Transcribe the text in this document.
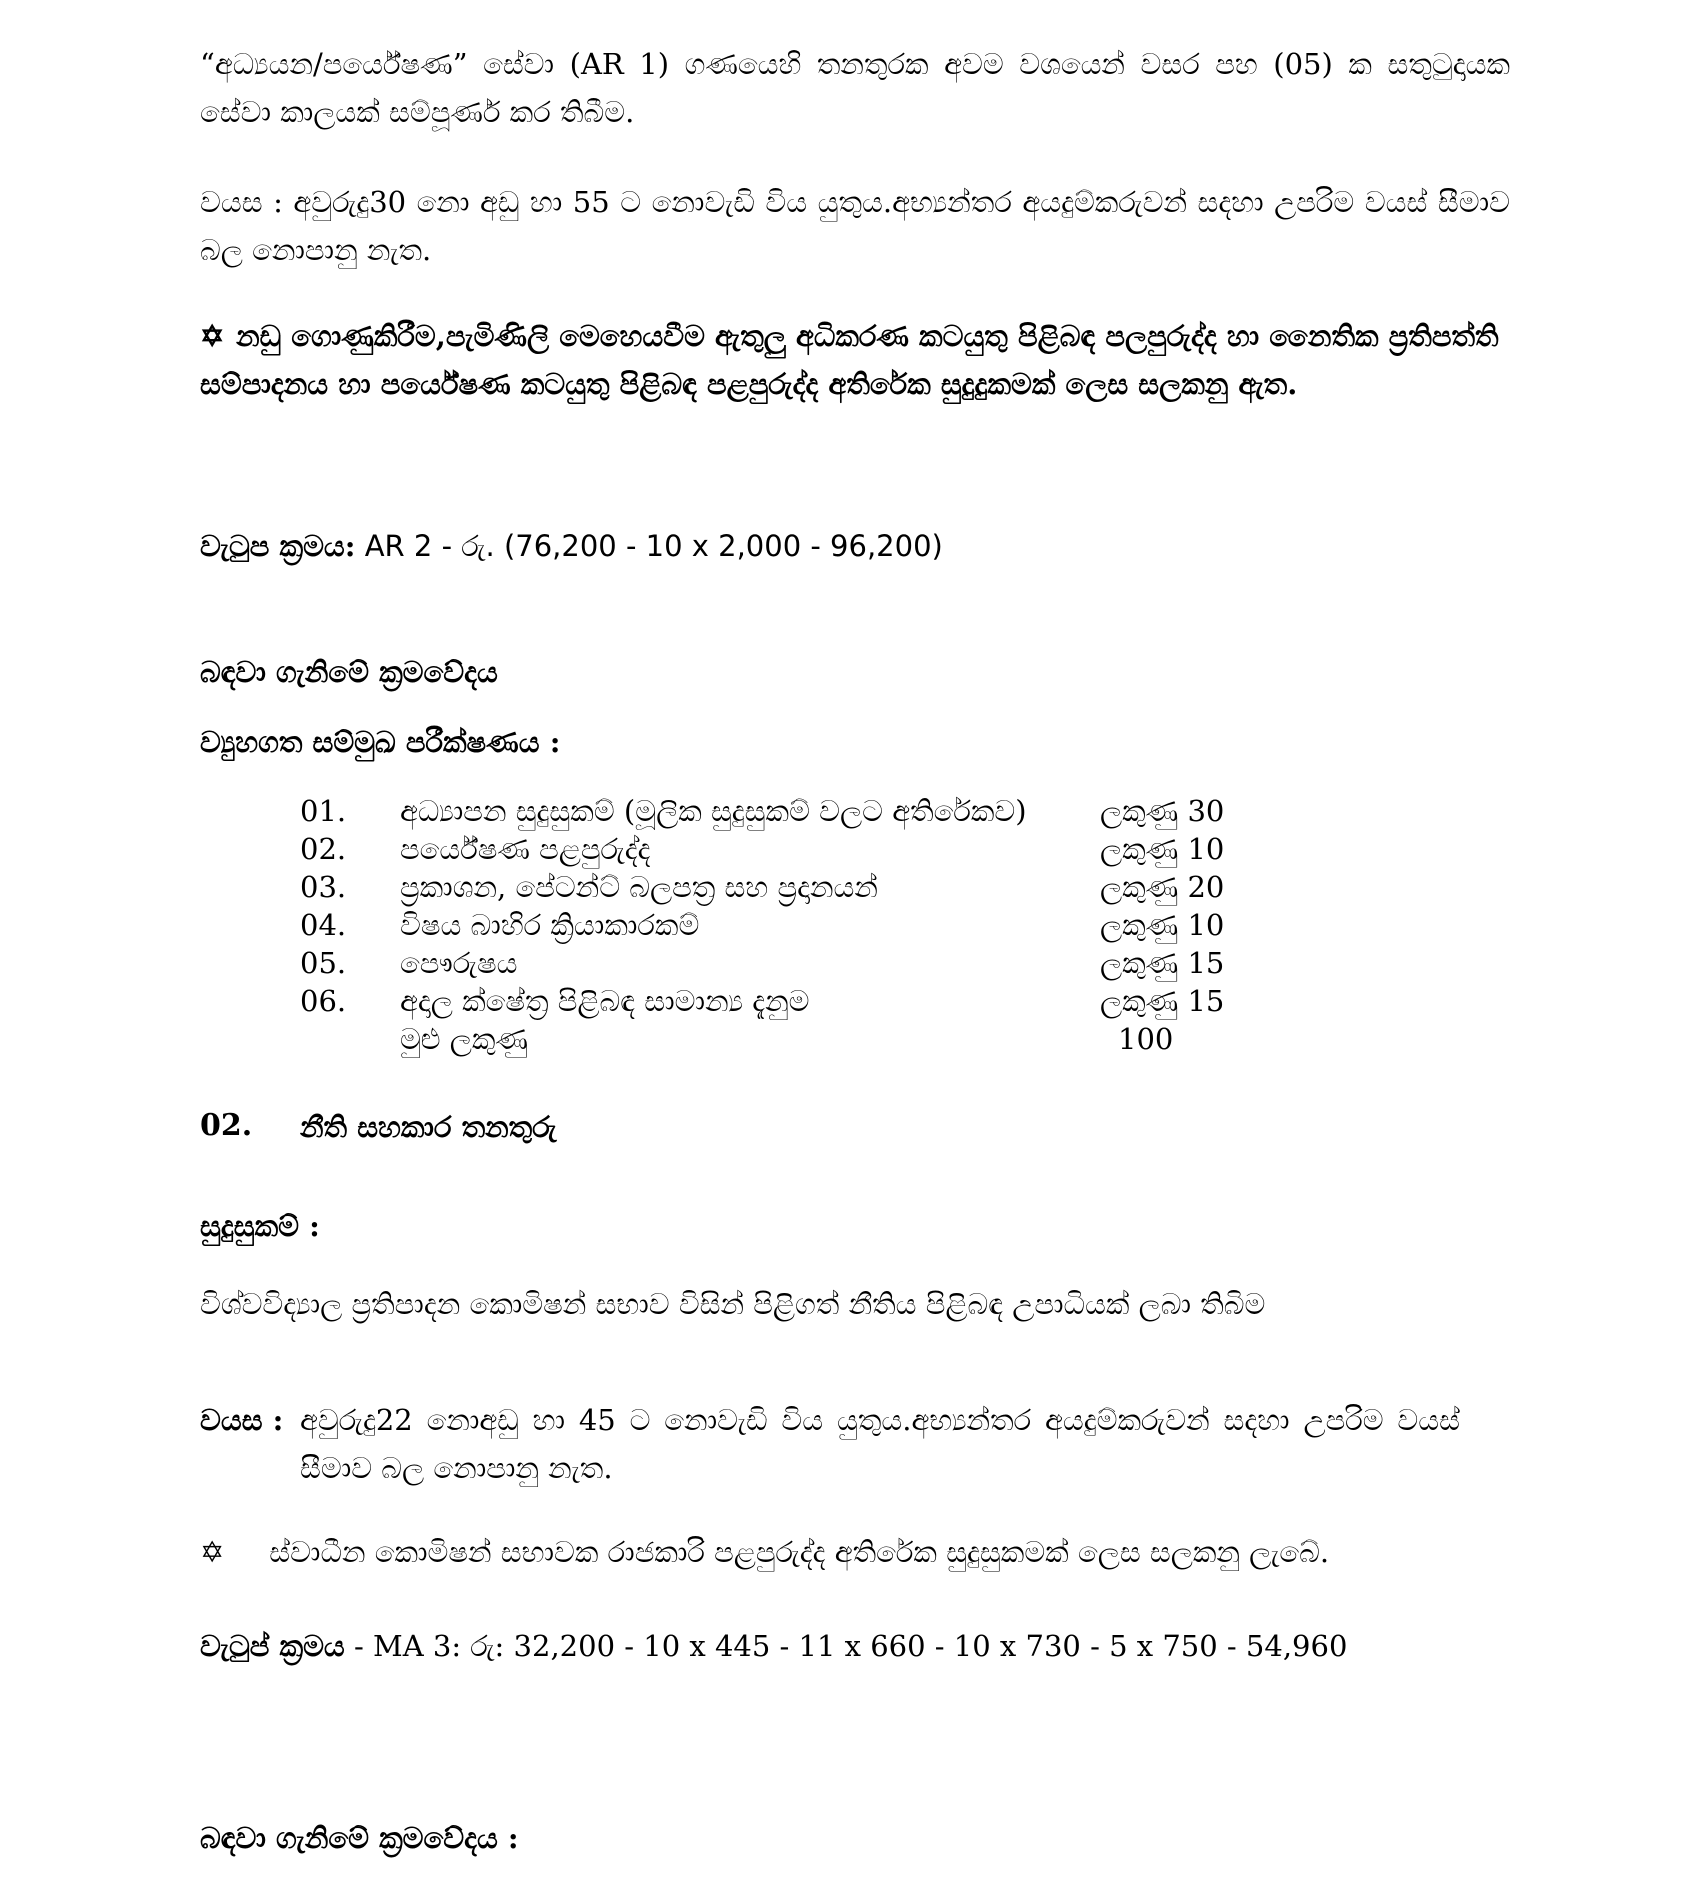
“අධ්‍යයන/පර්යේෂණ” සේවා (AR 1) ගණයෙහි තනතුරක අවම වශයෙන් වසර පහ (05) ක සතුටුදායක සේවා කාලයක් සම්පූර්ණ කර තිබීම.
වයස : අවුරුදු30 නො අඩු හා 55 ට නොවැඩි විය යුතුය.අභ්‍යන්තර අයදුම්කරුවන් සදහා උපරිම වයස් සීමාව බල නොපානු නැත.
✡ නඩු ගොණුකිරීම,පැමිණිලි මෙහෙයවීම ඇතුලු අධිකරණ කටයුතු පිළිබඳ පලපුරුද්ද හා නෛතික ප්‍රතිපත්ති සම්පාදනය හා පර්යේෂණ කටයුතු පිළිබඳ පළපුරුද්ද අතිරේක සුදුදුකමක් ලෙස සලකනු ඇත.
වැටුප ක්‍රමය: AR 2 - රු. (76,200 - 10 x 2,000 - 96,200)
බඳවා ගැනිමේ ක්‍රමවේදය
ව්‍යුහගත සම්මුඛ පරීක්ෂණය :
01.	අධ්‍යාපන සුදුසුකම් (මූලික සුදුසුකම් වලට අතිරේකව)	ලකුණු 30
02.	පර්යේෂණ පළපුරුද්ද	ලකුණු 10
03.	ප්‍රකාශන, පේටන්ට් බලපත්‍ර සහ ප්‍රදානයන්	ලකුණු 20
04.	විෂය බාහිර ක්‍රියාකාරකම්	ලකුණු 10
05.	පෞරුෂය	ලකුණු 15
06.	අදාල ක්ෂේත්‍ර පිළිබඳ සාමාන්‍ය දැනුම	ලකුණු 15
මුළු ලකුණු	100
02. නීති සහකාර තනතුරු
සුදුසුකම් :
විශ්වවිද්‍යාල ප්‍රතිපාදන කොමිෂන් සභාව විසින් පිළිගත් නීතිය පිළිබඳ උපාධියක් ලබා තිබිම
වයස : අවුරුදු22 නොඅඩු හා 45 ට නොවැඩි විය යුතුය.අභ්‍යන්තර අයදුම්කරුවන් සදහා උපරිම වයස් සීමාව බල නොපානු නැත.
✡ ස්වාධීන කොමිෂන් සභාවක රාජකාරි පළපුරුද්ද අතිරේක සුදුසුකමක් ලෙස සලකනු ලැබේ.
වැටුප් ක්‍රමය - MA 3: රු: 32,200 - 10 x 445 - 11 x 660 - 10 x 730 - 5 x 750 - 54,960
බඳවා ගැනිමේ ක්‍රමවේදය :
